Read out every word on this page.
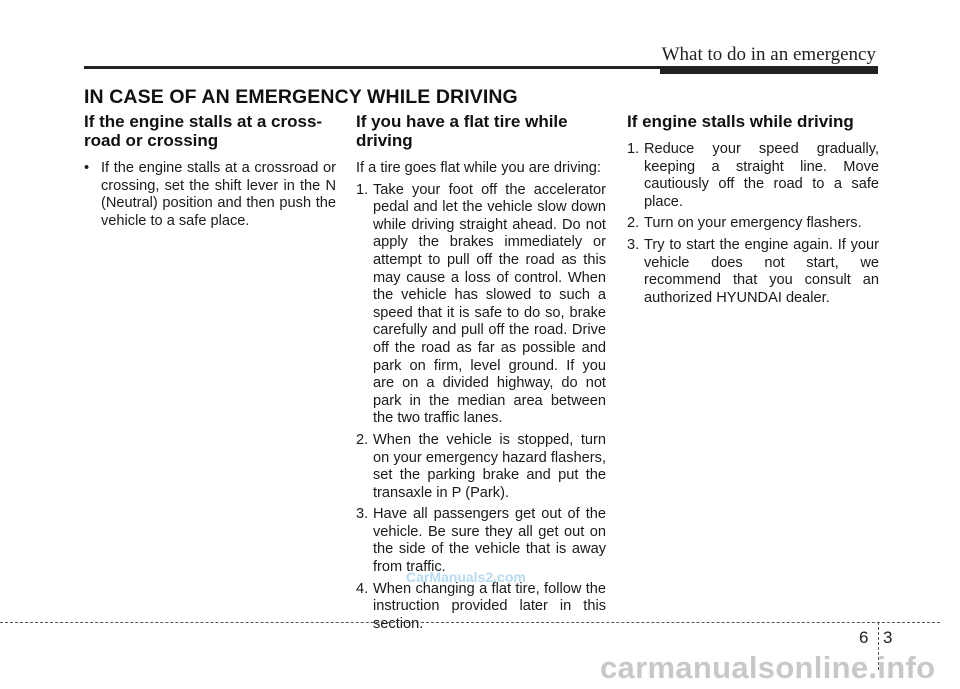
What to do in an emergency
IN CASE OF AN EMERGENCY WHILE DRIVING
If the engine stalls at a cross-
road or crossing
• If the engine stalls at a crossroad or crossing, set the shift lever in the N (Neutral) position and then push the vehicle to a safe place.
If you have a flat tire while driving

If a tire goes flat while you are driving:

1. Take your foot off the accelerator pedal and let the vehicle slow down while driving straight ahead. Do not apply the brakes immediately or attempt to pull off the road as this may cause a loss of control. When the vehicle has slowed to such a speed that it is safe to do so, brake carefully and pull off the road. Drive off the road as far as possible and park on firm, level ground. If you are on a divided highway, do not park in the median area between the two traffic lanes.
2. When the vehicle is stopped, turn on your emergency hazard flashers, set the parking brake and put the transaxle in P (Park).
3. Have all passengers get out of the vehicle. Be sure they all get out on the side of the vehicle that is away from traffic.
4. When changing a flat tire, follow the instruction provided later in this section.
If engine stalls while driving
1. Reduce your speed gradually, keeping a straight line. Move cautiously off the road to a safe place.
2. Turn on your emergency flashers.
3. Try to start the engine again. If your vehicle does not start, we recommend that you consult an authorized HYUNDAI dealer.
CarManuals2.com
6 3
carmanualsonline.info
